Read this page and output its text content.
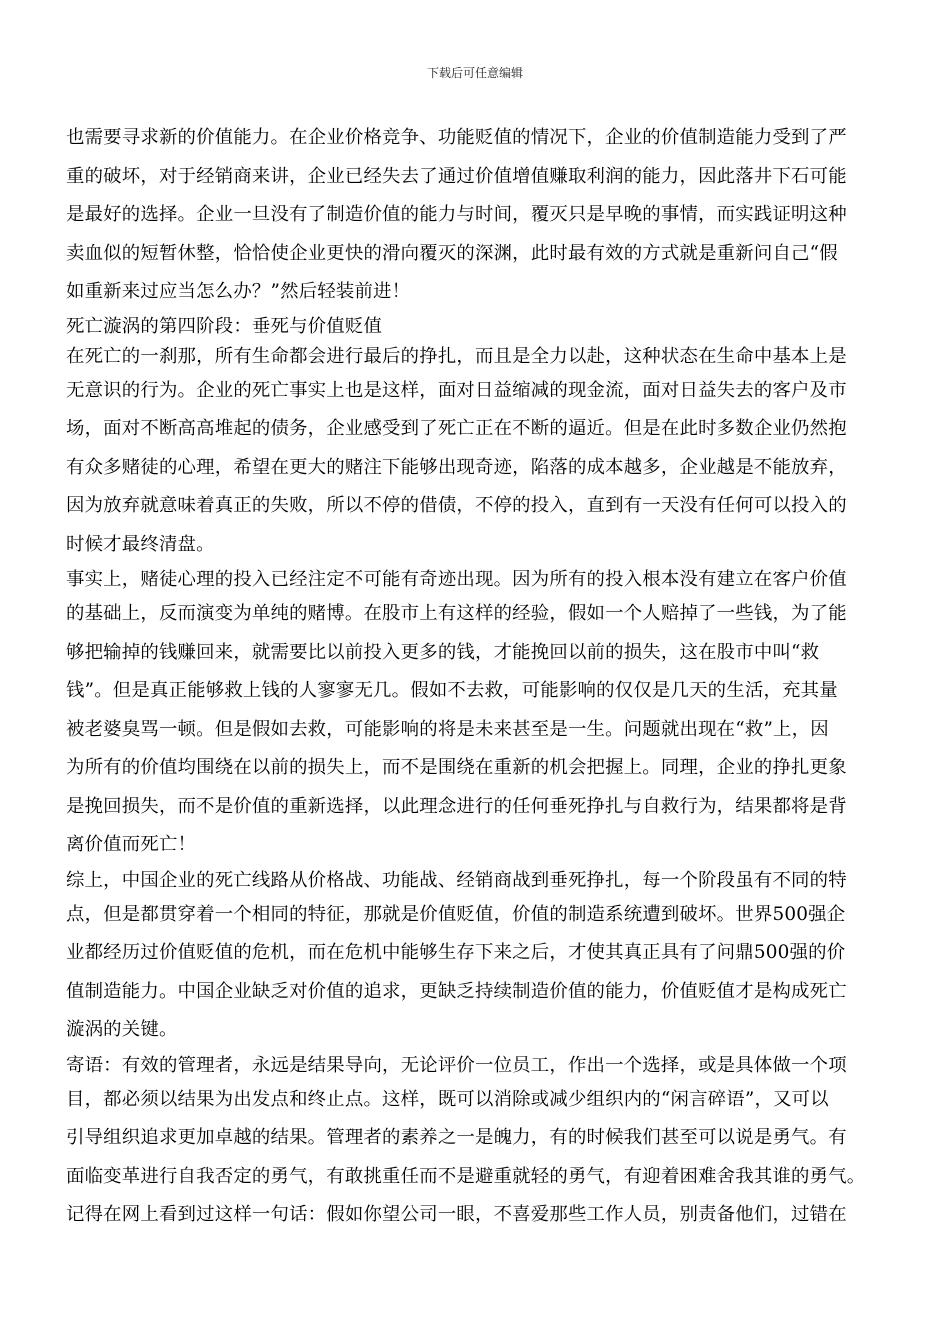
下载后可任意编辑
也需要寻求新的价值能力。在企业价格竞争、功能贬值的情况下，企业的价值制造能力受到了严
重的破坏，对于经销商来讲，企业已经失去了通过价值增值赚取利润的能力，因此落井下石可能
是最好的选择。企业一旦没有了制造价值的能力与时间，覆灭只是早晚的事情，而实践证明这种
卖血似的短暂休整，恰恰使企业更快的滑向覆灭的深渊，此时最有效的方式就是重新问自己“假
如重新来过应当怎么办？”然后轻装前进！
死亡漩涡的第四阶段：垂死与价值贬值
在死亡的一刹那，所有生命都会进行最后的挣扎，而且是全力以赴，这种状态在生命中基本上是
无意识的行为。企业的死亡事实上也是这样，面对日益缩减的现金流，面对日益失去的客户及市
场，面对不断高高堆起的债务，企业感受到了死亡正在不断的逼近。但是在此时多数企业仍然抱
有众多赌徒的心理，希望在更大的赌注下能够出现奇迹，陷落的成本越多，企业越是不能放弃，
因为放弃就意味着真正的失败，所以不停的借债，不停的投入，直到有一天没有任何可以投入的
时候才最终清盘。
事实上，赌徒心理的投入已经注定不可能有奇迹出现。因为所有的投入根本没有建立在客户价值
的基础上，反而演变为单纯的赌博。在股市上有这样的经验，假如一个人赔掉了一些钱，为了能
够把输掉的钱赚回来，就需要比以前投入更多的钱，才能挽回以前的损失，这在股市中叫“救
钱”。但是真正能够救上钱的人寥寥无几。假如不去救，可能影响的仅仅是几天的生活，充其量
被老婆臭骂一顿。但是假如去救，可能影响的将是未来甚至是一生。问题就出现在“救”上，因
为所有的价值均围绕在以前的损失上，而不是围绕在重新的机会把握上。同理，企业的挣扎更象
是挽回损失，而不是价值的重新选择，以此理念进行的任何垂死挣扎与自救行为，结果都将是背
离价值而死亡！
综上，中国企业的死亡线路从价格战、功能战、经销商战到垂死挣扎，每一个阶段虽有不同的特
点，但是都贯穿着一个相同的特征，那就是价值贬值，价值的制造系统遭到破坏。世界500强企
业都经历过价值贬值的危机，而在危机中能够生存下来之后，才使其真正具有了问鼎500强的价
值制造能力。中国企业缺乏对价值的追求，更缺乏持续制造价值的能力，价值贬值才是构成死亡
漩涡的关键。
寄语：有效的管理者，永远是结果导向，无论评价一位员工，作出一个选择，或是具体做一个项
目，都必须以结果为出发点和终止点。这样，既可以消除或减少组织内的“闲言碎语”，又可以
引导组织追求更加卓越的结果。管理者的素养之一是魄力，有的时候我们甚至可以说是勇气。有
面临变革进行自我否定的勇气，有敢挑重任而不是避重就轻的勇气，有迎着困难舍我其谁的勇气。
记得在网上看到过这样一句话：假如你望公司一眼，不喜爱那些工作人员，别责备他们，过错在
